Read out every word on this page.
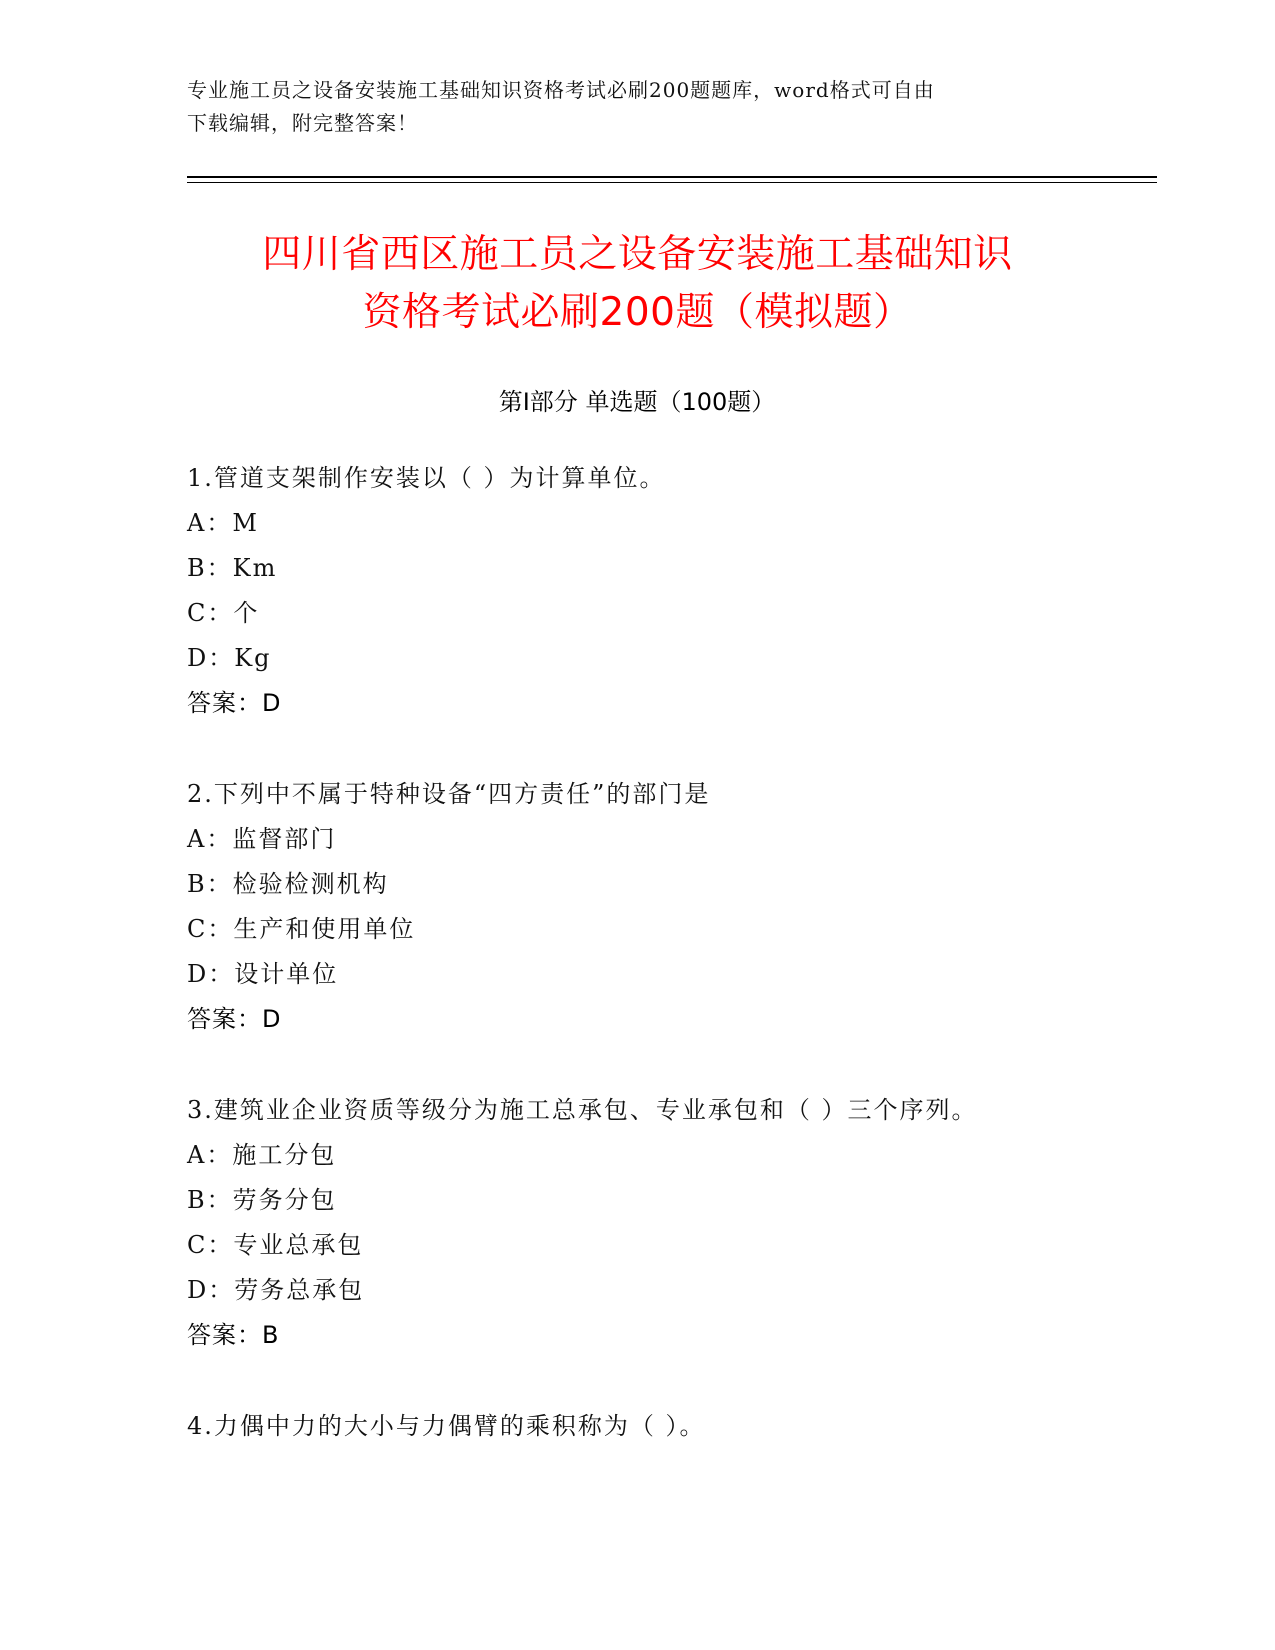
专业施工员之设备安装施工基础知识资格考试必刷200题题库，word格式可自由
下载编辑，附完整答案！
四川省西区施工员之设备安装施工基础知识
资格考试必刷200题（模拟题）
第Ⅰ部分 单选题（100题）
1.管道支架制作安装以（ ）为计算单位。
A：M
B：Km
C：个
D：Kg
答案：D
2.下列中不属于特种设备“四方责任”的部门是
A：监督部门
B：检验检测机构
C：生产和使用单位
D：设计单位
答案：D
3.建筑业企业资质等级分为施工总承包、专业承包和（ ）三个序列。
A：施工分包
B：劳务分包
C：专业总承包
D：劳务总承包
答案：B
4.力偶中力的大小与力偶臂的乘积称为（ ）。
